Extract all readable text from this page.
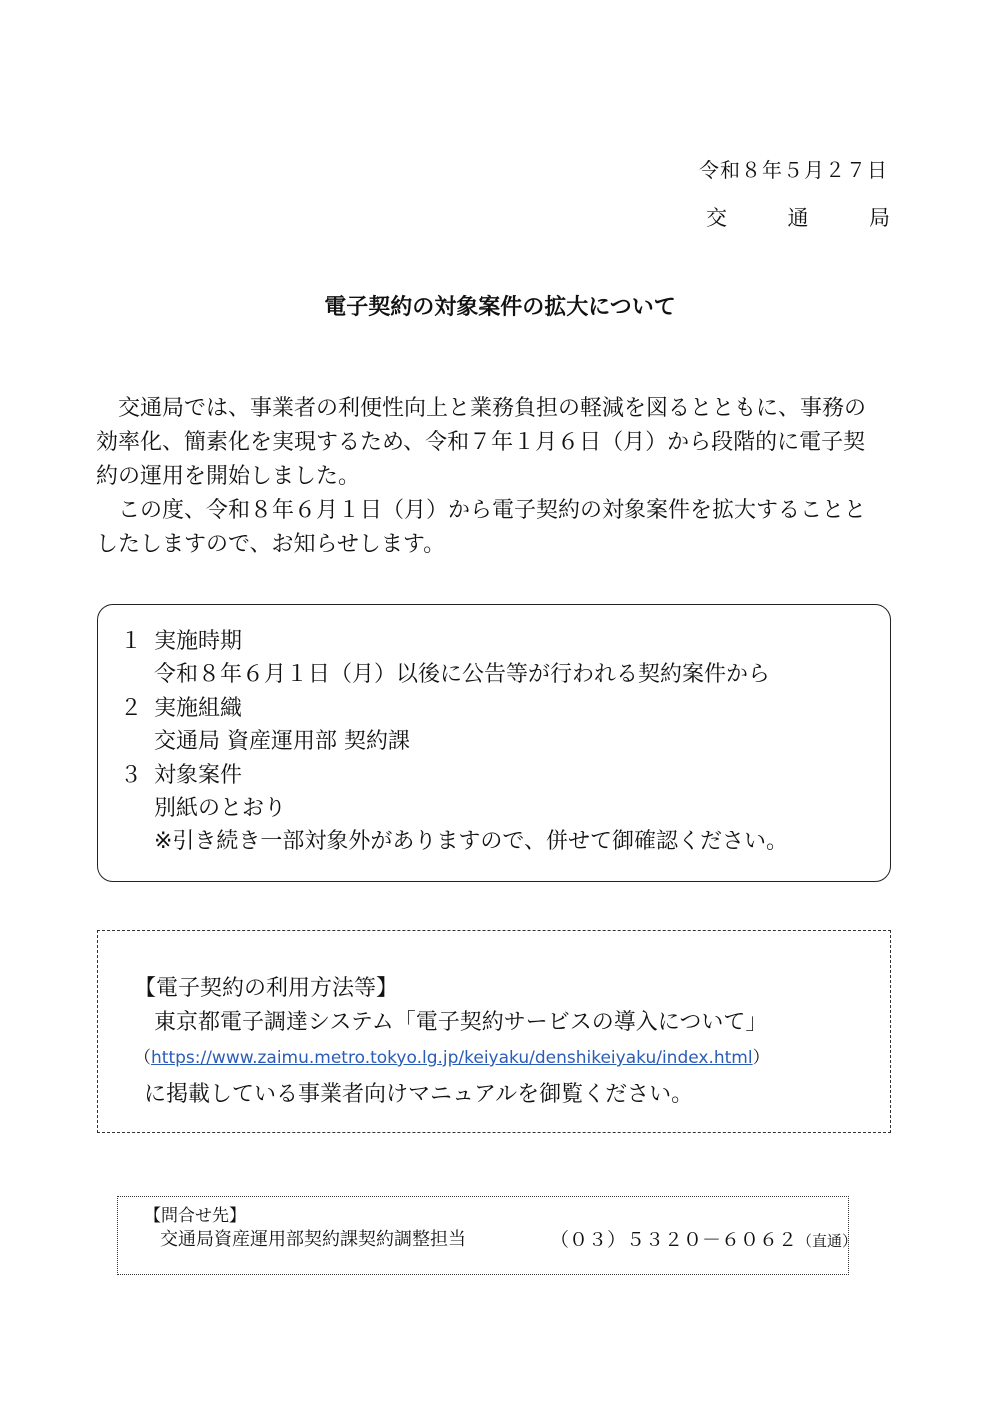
令和８年５月２７日
交	通	局
電子契約の対象案件の拡大について

交通局では、事業者の利便性向上と業務負担の軽減を図るとともに、事務の効率化、簡素化を実現するため、令和７年１月６日（月）から段階的に電子契約の運用を開始しました。

この度、令和８年６月１日（月）から電子契約の対象案件を拡大することとしたしますので、お知らせします。

１ 実施時期
令和８年６月１日（月）以後に公告等が行われる契約案件から
２ 実施組織
交通局 資産運用部 契約課
３ 対象案件
別紙のとおり
※引き続き一部対象外がありますので、併せて御確認ください。
【電子契約の利用方法等】
東京都電子調達システム「電子契約サービスの導入について」
（https://www.zaimu.metro.tokyo.lg.jp/keiyaku/denshikeiyaku/index.html）
に掲載している事業者向けマニュアルを御覧ください。
【問合せ先】
交通局資産運用部契約課契約調整担当	（０３）５３２０－６０６２（直通）
